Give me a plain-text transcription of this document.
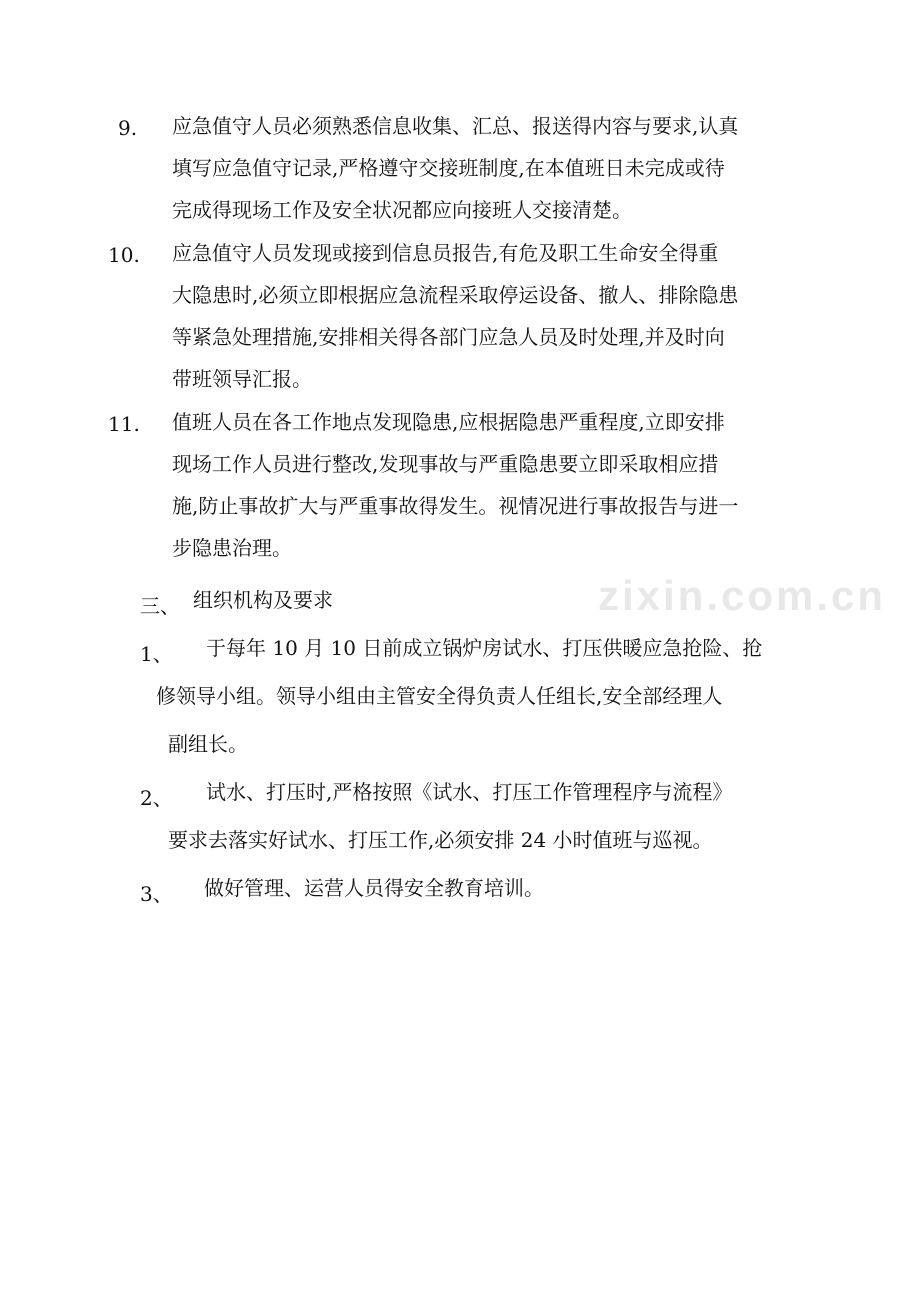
zixin.com.cn
9. 应急值守人员必须熟悉信息收集、汇总、报送得内容与要求,认真
填写应急值守记录,严格遵守交接班制度,在本值班日未完成或待
完成得现场工作及安全状况都应向接班人交接清楚。
10. 应急值守人员发现或接到信息员报告,有危及职工生命安全得重
大隐患时,必须立即根据应急流程采取停运设备、撤人、排除隐患
等紧急处理措施,安排相关得各部门应急人员及时处理,并及时向
带班领导汇报。
11. 值班人员在各工作地点发现隐患,应根据隐患严重程度,立即安排
现场工作人员进行整改,发现事故与严重隐患要立即采取相应措
施,防止事故扩大与严重事故得发生。视情况进行事故报告与进一
步隐患治理。
三、 组织机构及要求
1、 于每年 10 月 10 日前成立锅炉房试水、打压供暖应急抢险、抢
修领导小组。领导小组由主管安全得负责人任组长,安全部经理人
副组长。
2、 试水、打压时,严格按照《试水、打压工作管理程序与流程》
要求去落实好试水、打压工作,必须安排 24 小时值班与巡视。
3、 做好管理、运营人员得安全教育培训。
